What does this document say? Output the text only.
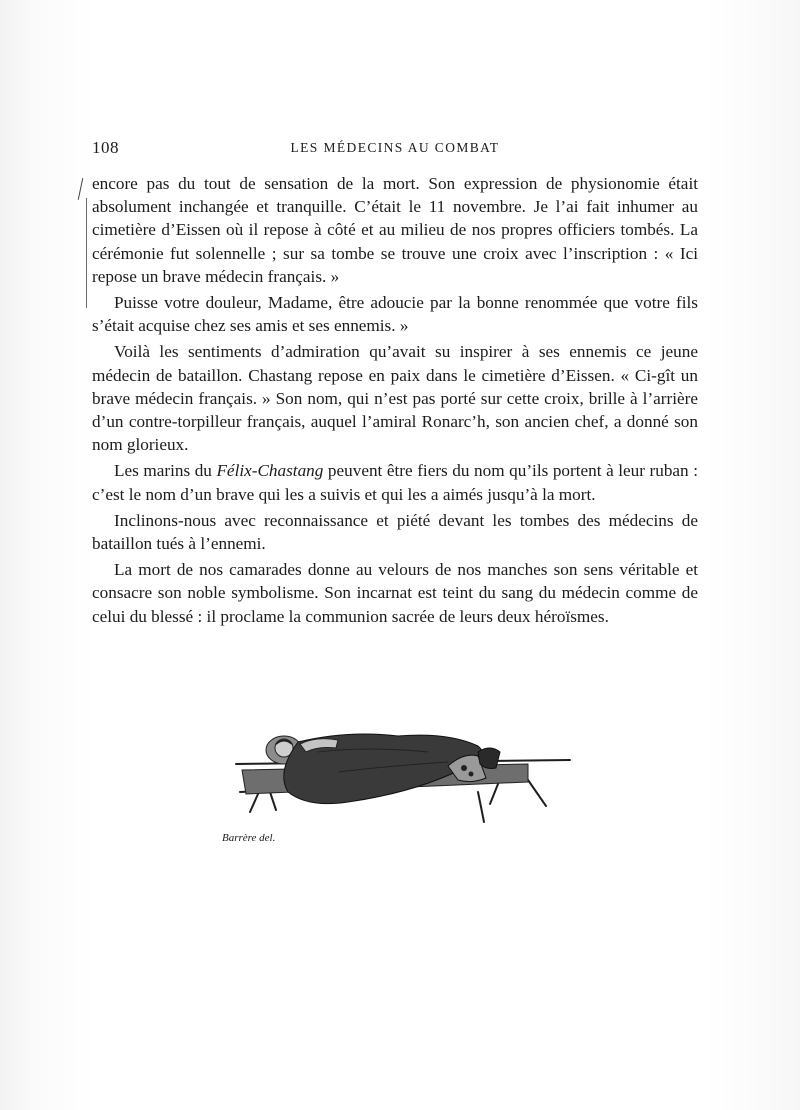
108	LES MÉDECINS AU COMBAT

encore pas du tout de sensation de la mort. Son expression de physionomie était absolument inchangée et tranquille. C’était le 11 novembre. Je l’ai fait inhumer au cimetière d’Eissen où il repose à côté et au milieu de nos propres officiers tombés. La cérémonie fut solennelle ; sur sa tombe se trouve une croix avec l’inscription : « Ici repose un brave médecin français. »

Puisse votre douleur, Madame, être adoucie par la bonne renommée que votre fils s’était acquise chez ses amis et ses ennemis. »

Voilà les sentiments d’admiration qu’avait su inspirer à ses ennemis ce jeune médecin de bataillon. Chastang repose en paix dans le cimetière d’Eissen. « Ci-gît un brave médecin français. » Son nom, qui n’est pas porté sur cette croix, brille à l’arrière d’un contre-torpilleur français, auquel l’amiral Ronarc’h, son ancien chef, a donné son nom glorieux.

Les marins du Félix-Chastang peuvent être fiers du nom qu’ils portent à leur ruban : c’est le nom d’un brave qui les a suivis et qui les a aimés jusqu’à la mort.

Inclinons-nous avec reconnaissance et piété devant les tombes des médecins de bataillon tués à l’ennemi.

La mort de nos camarades donne au velours de nos manches son sens véritable et consacre son noble symbolisme. Son incarnat est teint du sang du médecin comme de celui du blessé : il proclame la communion sacrée de leurs deux héroïsmes.

Barrère del.
